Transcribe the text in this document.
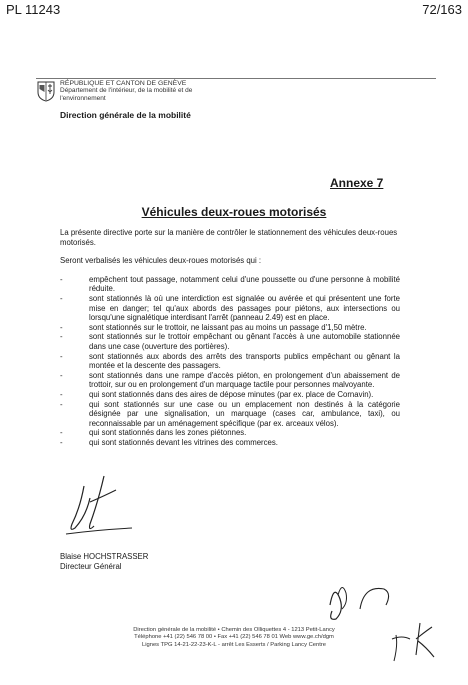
PL 11243	72/163
RÉPUBLIQUE ET CANTON DE GENÈVE
Département de l'intérieur, de la mobilité et de
l'environnement
Direction générale de la mobilité
Annexe 7
Véhicules deux-roues motorisés

La présente directive porte sur la manière de contrôler le stationnement des véhicules deux-roues motorisés.

Seront verbalisés les véhicules deux-roues motorisés qui :

-	empêchent tout passage, notamment celui d'une poussette ou d'une personne à mobilité réduite.
-	sont stationnés là où une interdiction est signalée ou avérée et qui présentent une forte mise en danger; tel qu'aux abords des passages pour piétons, aux intersections ou lorsqu'une signalétique interdisant l'arrêt (panneau 2.49) est en place.
-	sont stationnés sur le trottoir, ne laissant pas au moins un passage d'1,50 mètre.
-	sont stationnés sur le trottoir empêchant ou gênant l'accès à une automobile stationnée dans une case (ouverture des portières).
-	sont stationnés aux abords des arrêts des transports publics empêchant ou gênant la montée et la descente des passagers.
-	sont stationnés dans une rampe d'accès piéton, en prolongement d'un abaissement de trottoir, sur ou en prolongement d'un marquage tactile pour personnes malvoyante.
-	qui sont stationnés dans des aires de dépose minutes (par ex. place de Cornavin).
-	qui sont stationnés sur une case ou un emplacement non destinés à la catégorie désignée par une signalisation, un marquage (cases car, ambulance, taxi), ou reconnaissable par un aménagement spécifique (par ex. arceaux vélos).
-	qui sont stationnés dans les zones piétonnes.
-	qui sont stationnés devant les vitrines des commerces.
Blaise HOCHSTRASSER
Directeur Général
Direction générale de la mobilité • Chemin des Olliquettes 4 - 1213 Petit-Lancy
Téléphone +41 (22) 546 78 00 • Fax +41 (22) 546 78 01 Web www.ge.ch/dgm
Lignes TPG 14-21-22-23-K-L - arrêt Les Esserts / Parking Lancy Centre
